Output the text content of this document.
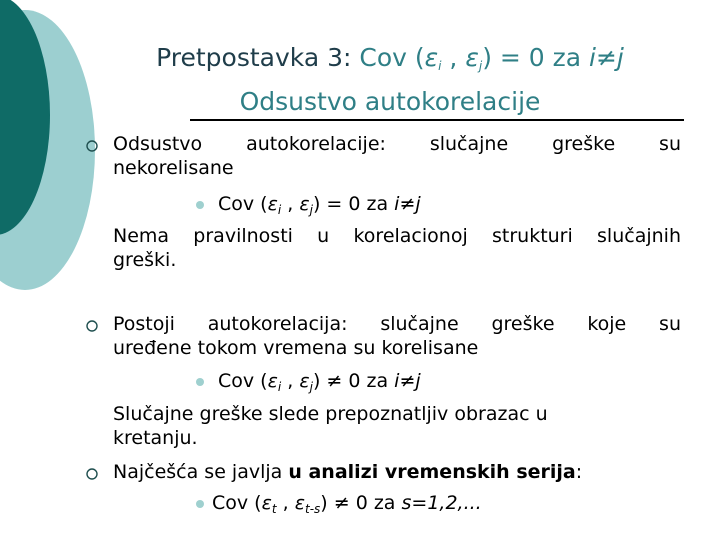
Pretpostavka 3: Cov ($\varepsilon_i$ , $\varepsilon_j) = 0$ za i≠j
Odsustvo autokorelacije
Odsustvo autokorelacije: slučajne greške su
nekorelisane
Cov ($\varepsilon_i$ , $\varepsilon_j) = 0$ za i≠j
Nema pravilnosti u korelacionoj strukturi slučajnih
greški.
Postoji autokorelacija: slučajne greške koje su
uređene tokom vremena su korelisane
Cov ($\varepsilon_i$ , $\varepsilon_j) \ne 0$ za i≠j
Slučajne greške slede prepoznatljiv obrazac u
kretanju.
Najčešća se javlja u analizi vremenskih serija:
Cov ($\varepsilon_t$ , $\varepsilon_{t-s}) \ne 0$ za s=1,2,...
